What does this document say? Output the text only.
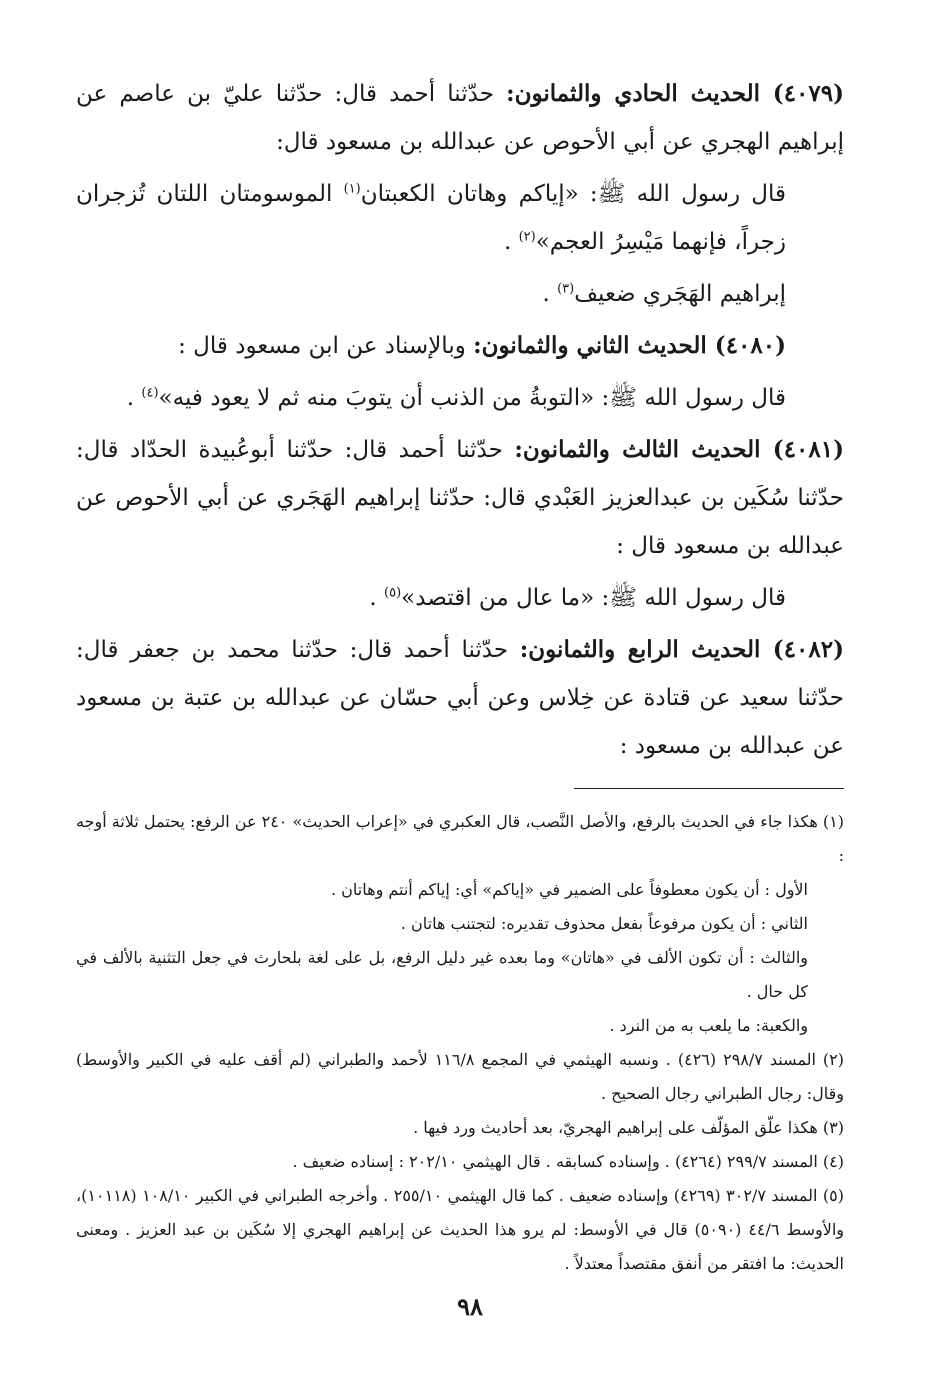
(٤٠٧٩) الحديث الحادي والثمانون: حدّثنا أحمد قال: حدّثنا عليّ بن عاصم عن إبراهيم الهجري عن أبي الأحوص عن عبدالله بن مسعود قال:

قال رسول الله ﷺ: «إياكم وهاتان الكعبتان$^{(١)}$ الموسومتان اللتان تُزجران زجراً، فإنهما مَيْسِرُ العجم»$^{(٢)}$ .

إبراهيم الهَجَري ضعيف$^{(٣)}$ .

(٤٠٨٠) الحديث الثاني والثمانون: وبالإسناد عن ابن مسعود قال :

قال رسول الله ﷺ: «التوبةُ من الذنب أن يتوبَ منه ثم لا يعود فيه»$^{(٤)}$ .

(٤٠٨١) الحديث الثالث والثمانون: حدّثنا أحمد قال: حدّثنا أبوعُبيدة الحدّاد قال: حدّثنا سُكَين بن عبدالعزيز العَبْدي قال: حدّثنا إبراهيم الهَجَري عن أبي الأحوص عن عبدالله بن مسعود قال :

قال رسول الله ﷺ: «ما عال من اقتصد»$^{(٥)}$ .

(٤٠٨٢) الحديث الرابع والثمانون: حدّثنا أحمد قال: حدّثنا محمد بن جعفر قال: حدّثنا سعيد عن قتادة عن خِلاس وعن أبي حسّان عن عبدالله بن عتبة بن مسعود عن عبدالله بن مسعود :

(١) هكذا جاء في الحديث بالرفع، والأصل النَّصب، قال العكبري في «إعراب الحديث» ٢٤٠ عن الرفع: يحتمل ثلاثة أوجه :

الأول : أن يكون معطوفاً على الضمير في «إياكم» أي: إياكم أنتم وهاتان .

الثاني : أن يكون مرفوعاً بفعل محذوف تقديره: لتجتنب هاتان .

والثالث : أن تكون الألف في «هاتان» وما بعده غير دليل الرفع، بل على لغة بلحارث في جعل التثنية بالألف في كل حال .

والكعبة: ما يلعب به من النرد .

(٢) المسند ٢٩٨/٧ (٤٢٦) . ونسبه الهيثمي في المجمع ١١٦/٨ لأحمد والطبراني (لم أقف عليه في الكبير والأوسط) وقال: رجال الطبراني رجال الصحيح .

(٣) هكذا علّق المؤلّف على إبراهيم الهجريّ، بعد أحاديث ورد فيها .

(٤) المسند ٢٩٩/٧ (٤٢٦٤) . وإسناده كسابقه . قال الهيثمي ٢٠٢/١٠ : إسناده ضعيف .

(٥) المسند ٣٠٢/٧ (٤٢٦٩) وإسناده ضعيف . كما قال الهيثمي ٢٥٥/١٠ . وأخرجه الطبراني في الكبير ١٠٨/١٠ (١٠١١٨)، والأوسط ٤٤/٦ (٥٠٩٠) قال في الأوسط: لم يرو هذا الحديث عن إبراهيم الهجري إلا سُكَين بن عبد العزيز . ومعنى الحديث: ما افتقر من أنفق مقتصداً معتدلاً .

٩٨
